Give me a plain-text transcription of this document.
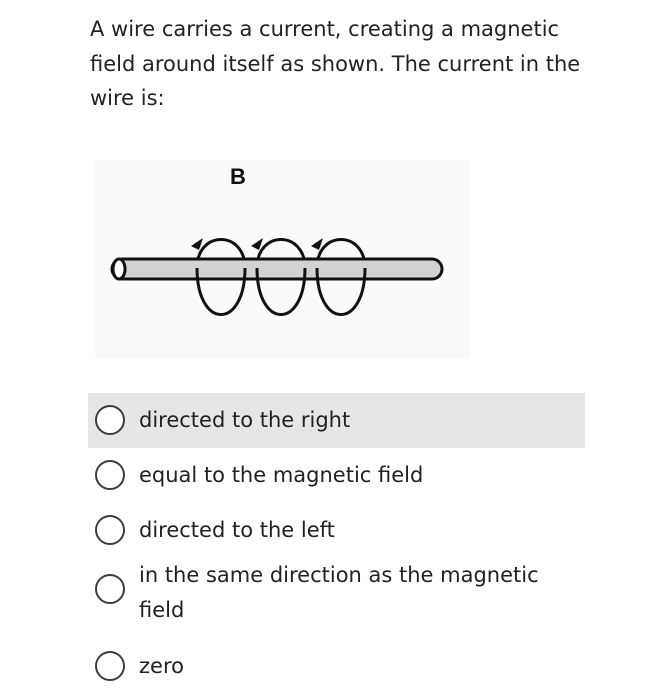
A wire carries a current, creating a magnetic field around itself as shown. The current in the wire is:

B
directed to the right
equal to the magnetic field
directed to the left
in the same direction as the magnetic field
zero
